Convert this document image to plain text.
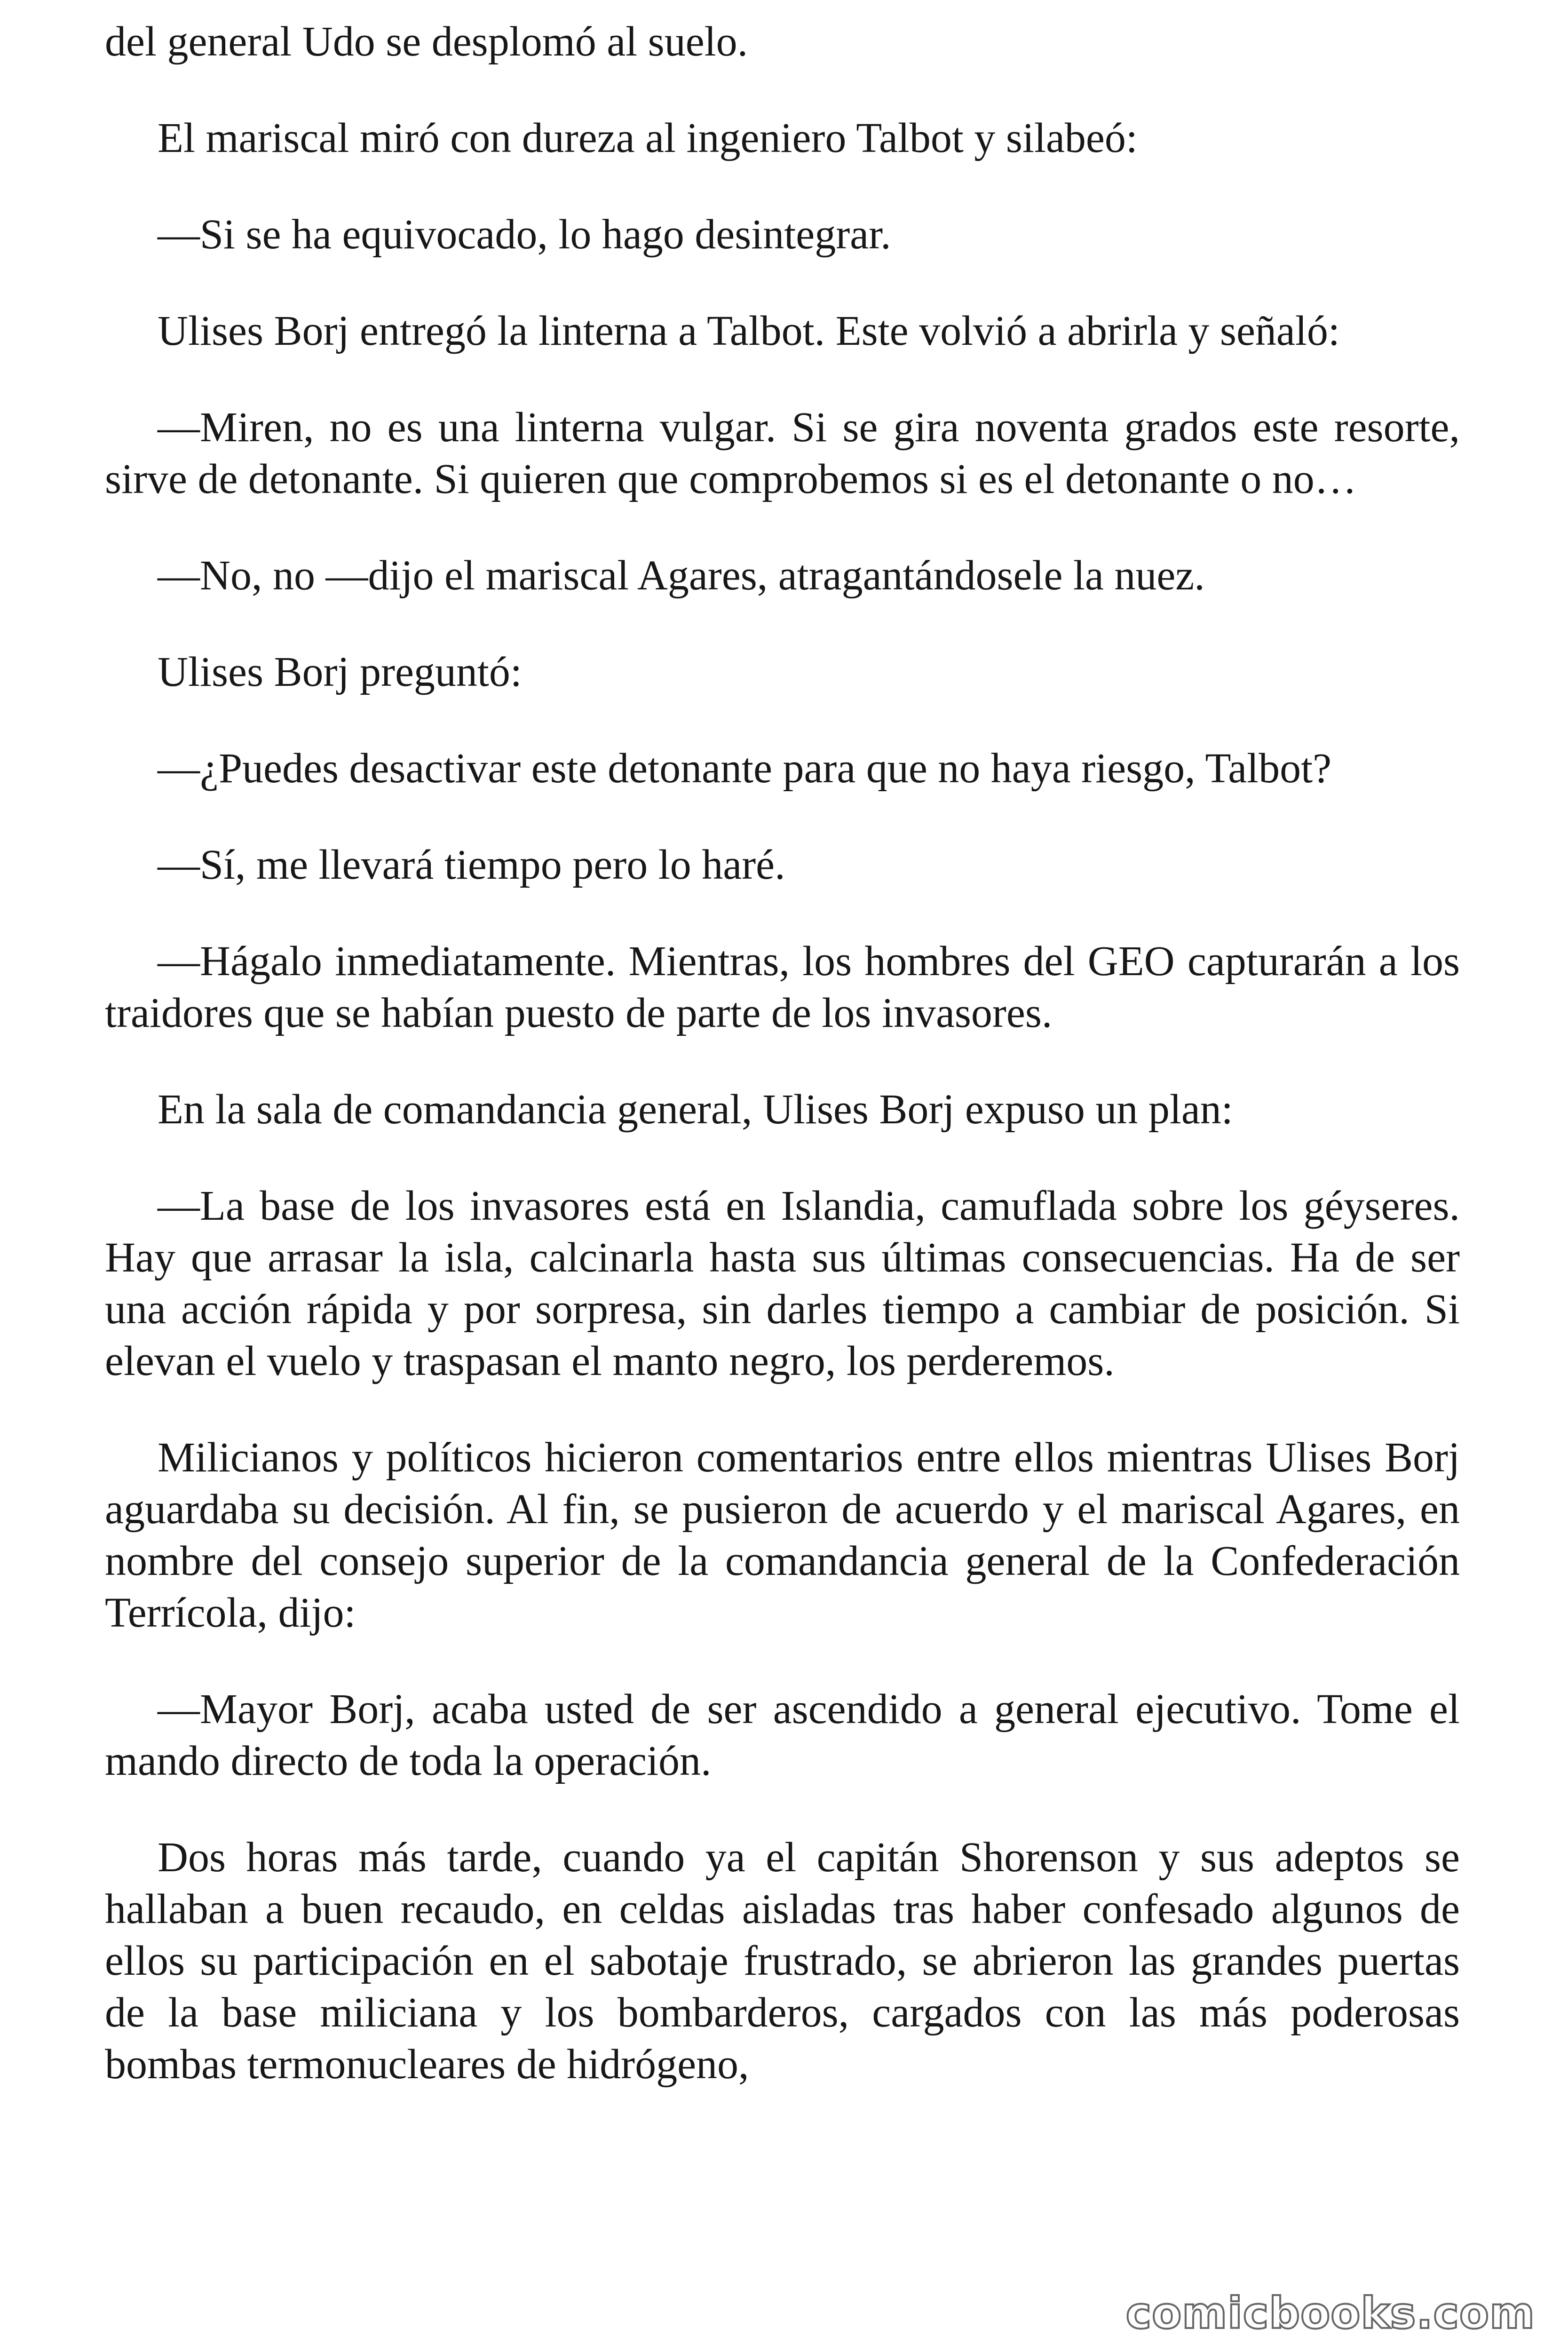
del general Udo se desplomó al suelo.

El mariscal miró con dureza al ingeniero Talbot y silabeó:

—Si se ha equivocado, lo hago desintegrar.

Ulises Borj entregó la linterna a Talbot. Este volvió a abrirla y señaló:

—Miren, no es una linterna vulgar. Si se gira noventa grados este resorte, sirve de detonante. Si quieren que comprobemos si es el detonante o no…

—No, no —dijo el mariscal Agares, atragantándosele la nuez.

Ulises Borj preguntó:

—¿Puedes desactivar este detonante para que no haya riesgo, Talbot?

—Sí, me llevará tiempo pero lo haré.

—Hágalo inmediatamente. Mientras, los hombres del GEO capturarán a los traidores que se habían puesto de parte de los invasores.

En la sala de comandancia general, Ulises Borj expuso un plan:

—La base de los invasores está en Islandia, camuflada sobre los géyseres. Hay que arrasar la isla, calcinarla hasta sus últimas consecuencias. Ha de ser una acción rápida y por sorpresa, sin darles tiempo a cambiar de posición. Si elevan el vuelo y traspasan el manto negro, los perderemos.

Milicianos y políticos hicieron comentarios entre ellos mientras Ulises Borj aguardaba su decisión. Al fin, se pusieron de acuerdo y el mariscal Agares, en nombre del consejo superior de la comandancia general de la Confederación Terrícola, dijo:

—Mayor Borj, acaba usted de ser ascendido a general ejecutivo. Tome el mando directo de toda la operación.

Dos horas más tarde, cuando ya el capitán Shorenson y sus adeptos se hallaban a buen recaudo, en celdas aisladas tras haber confesado algunos de ellos su participación en el sabotaje frustrado, se abrieron las grandes puertas de la base miliciana y los bombarderos, cargados con las más poderosas bombas termonucleares de hidrógeno,

comicbooks.com
